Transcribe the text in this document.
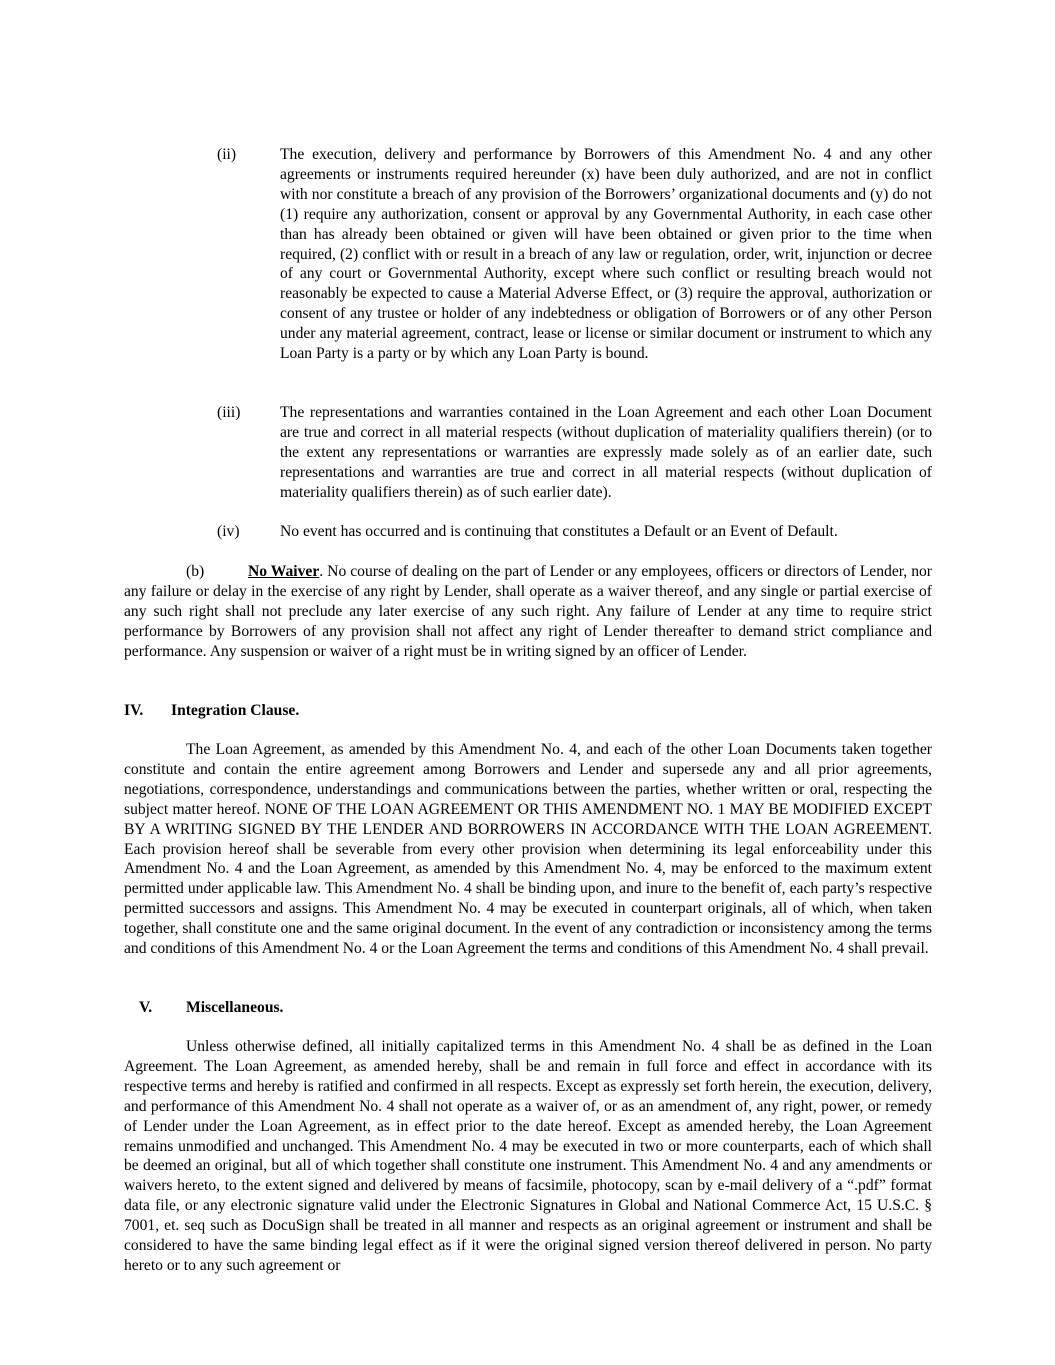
(ii)	The execution, delivery and performance by Borrowers of this Amendment No. 4 and any other agreements or instruments required hereunder (x) have been duly authorized, and are not in conflict with nor constitute a breach of any provision of the Borrowers’ organizational documents and (y) do not (1) require any authorization, consent or approval by any Governmental Authority, in each case other than has already been obtained or given will have been obtained or given prior to the time when required, (2) conflict with or result in a breach of any law or regulation, order, writ, injunction or decree of any court or Governmental Authority, except where such conflict or resulting breach would not reasonably be expected to cause a Material Adverse Effect, or (3) require the approval, authorization or consent of any trustee or holder of any indebtedness or obligation of Borrowers or of any other Person under any material agreement, contract, lease or license or similar document or instrument to which any Loan Party is a party or by which any Loan Party is bound.
(iii)	The representations and warranties contained in the Loan Agreement and each other Loan Document are true and correct in all material respects (without duplication of materiality qualifiers therein) (or to the extent any representations or warranties are expressly made solely as of an earlier date, such representations and warranties are true and correct in all material respects (without duplication of materiality qualifiers therein) as of such earlier date).
(iv)	No event has occurred and is continuing that constitutes a Default or an Event of Default.

(b)	No Waiver. No course of dealing on the part of Lender or any employees, officers or directors of Lender, nor any failure or delay in the exercise of any right by Lender, shall operate as a waiver thereof, and any single or partial exercise of any such right shall not preclude any later exercise of any such right. Any failure of Lender at any time to require strict performance by Borrowers of any provision shall not affect any right of Lender thereafter to demand strict compliance and performance. Any suspension or waiver of a right must be in writing signed by an officer of Lender.

IV. Integration Clause.

The Loan Agreement, as amended by this Amendment No. 4, and each of the other Loan Documents taken together constitute and contain the entire agreement among Borrowers and Lender and supersede any and all prior agreements, negotiations, correspondence, understandings and communications between the parties, whether written or oral, respecting the subject matter hereof. NONE OF THE LOAN AGREEMENT OR THIS AMENDMENT NO. 1 MAY BE MODIFIED EXCEPT BY A WRITING SIGNED BY THE LENDER AND BORROWERS IN ACCORDANCE WITH THE LOAN AGREEMENT. Each provision hereof shall be severable from every other provision when determining its legal enforceability under this Amendment No. 4 and the Loan Agreement, as amended by this Amendment No. 4, may be enforced to the maximum extent permitted under applicable law. This Amendment No. 4 shall be binding upon, and inure to the benefit of, each party’s respective permitted successors and assigns. This Amendment No. 4 may be executed in counterpart originals, all of which, when taken together, shall constitute one and the same original document. In the event of any contradiction or inconsistency among the terms and conditions of this Amendment No. 4 or the Loan Agreement the terms and conditions of this Amendment No. 4 shall prevail.

V. Miscellaneous.

Unless otherwise defined, all initially capitalized terms in this Amendment No. 4 shall be as defined in the Loan Agreement. The Loan Agreement, as amended hereby, shall be and remain in full force and effect in accordance with its respective terms and hereby is ratified and confirmed in all respects. Except as expressly set forth herein, the execution, delivery, and performance of this Amendment No. 4 shall not operate as a waiver of, or as an amendment of, any right, power, or remedy of Lender under the Loan Agreement, as in effect prior to the date hereof. Except as amended hereby, the Loan Agreement remains unmodified and unchanged. This Amendment No. 4 may be executed in two or more counterparts, each of which shall be deemed an original, but all of which together shall constitute one instrument. This Amendment No. 4 and any amendments or waivers hereto, to the extent signed and delivered by means of facsimile, photocopy, scan by e-mail delivery of a “.pdf” format data file, or any electronic signature valid under the Electronic Signatures in Global and National Commerce Act, 15 U.S.C. § 7001, et. seq such as DocuSign shall be treated in all manner and respects as an original agreement or instrument and shall be considered to have the same binding legal effect as if it were the original signed version thereof delivered in person. No party hereto or to any such agreement or
